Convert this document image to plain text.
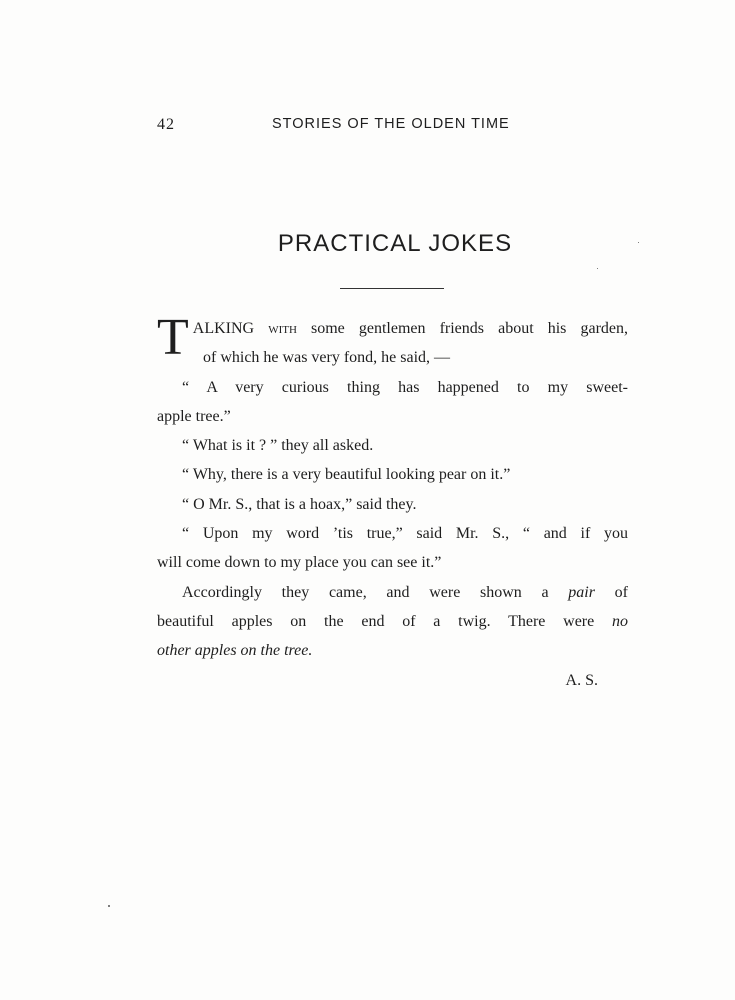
42	STORIES OF THE OLDEN TIME
PRACTICAL JOKES

T ALKING with some gentlemen friends about his garden,
of which he was very fond, he said, —

“ A very curious thing has happened to my sweet-
apple tree.”

“ What is it ? ” they all asked.

“ Why, there is a very beautiful looking pear on it.”

“ O Mr. S., that is a hoax,” said they.

“ Upon my word ’tis true,” said Mr. S., “ and if you
will come down to my place you can see it.”

Accordingly they came, and were shown a pair of
beautiful apples on the end of a twig. There were no
other apples on the tree.

A. S.
